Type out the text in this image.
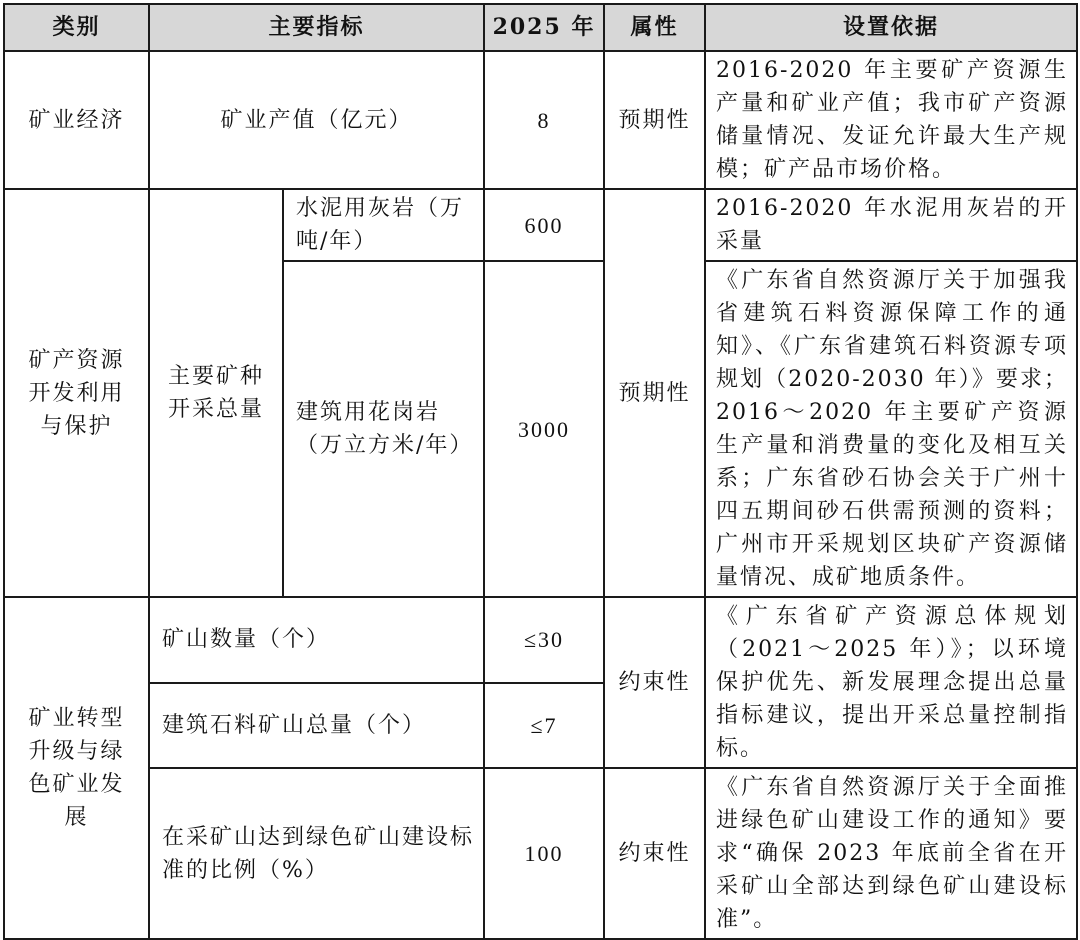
类别	主要指标		2025 年	属性	设置依据
矿业经济	矿业产值（亿元）		8	预期性	2016-2020 年主要矿产资源生产量和矿业产值；我市矿产资源储量情况、发证允许最大生产规模；矿产品市场价格。
矿产资源开发利用与保护	主要矿种开采总量	水泥用灰岩（万吨/年）	600	预期性	2016-2020 年水泥用灰岩的开采量
		建筑用花岗岩（万立方米/年）	3000		《广东省自然资源厅关于加强我省建筑石料资源保障工作的通知》、《广东省建筑石料资源专项规划（2020-2030 年）》要求；2016～2020 年主要矿产资源生产量和消费量的变化及相互关系；广东省砂石协会关于广州十四五期间砂石供需预测的资料；广州市开采规划区块矿产资源储量情况、成矿地质条件。
矿业转型升级与绿色矿业发展	矿山数量（个）		≤30	约束性	《广东省矿产资源总体规划（2021～2025 年）》；以环境保护优先、新发展理念提出总量指标建议，提出开采总量控制指标。
	建筑石料矿山总量（个）		≤7		
	在采矿山达到绿色矿山建设标准的比例（%）		100	约束性	《广东省自然资源厅关于全面推进绿色矿山建设工作的通知》要求“确保 2023 年底前全省在开采矿山全部达到绿色矿山建设标准”。
